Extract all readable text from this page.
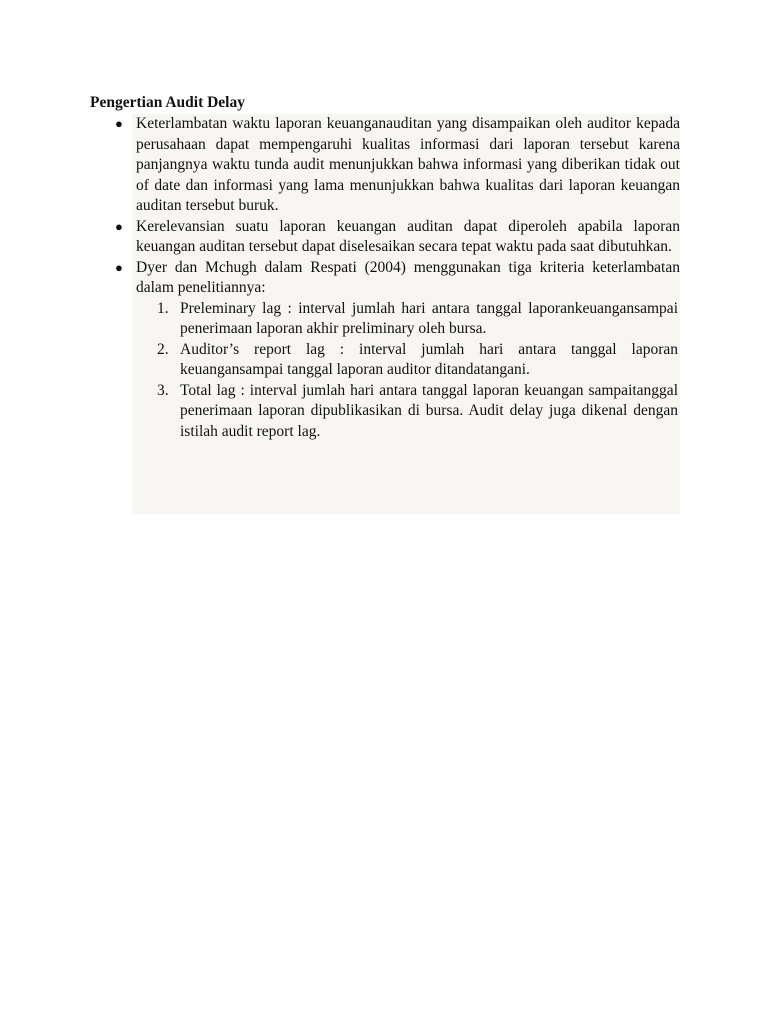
Pengertian Audit Delay

● Keterlambatan waktu laporan keuanganauditan yang disampaikan oleh auditor kepada perusahaan dapat mempengaruhi kualitas informasi dari laporan tersebut karena panjangnya waktu tunda audit menunjukkan bahwa informasi yang diberikan tidak out of date dan informasi yang lama menunjukkan bahwa kualitas dari laporan keuangan auditan tersebut buruk.
● Kerelevansian suatu laporan keuangan auditan dapat diperoleh apabila laporan keuangan auditan tersebut dapat diselesaikan secara tepat waktu pada saat dibutuhkan.
● Dyer dan Mchugh dalam Respati (2004) menggunakan tiga kriteria keterlambatan dalam penelitiannya:
1. Preleminary lag : interval jumlah hari antara tanggal laporankeuangansampai penerimaan laporan akhir preliminary oleh bursa.
2. Auditor’s report lag : interval jumlah hari antara tanggal laporan keuangansampai tanggal laporan auditor ditandatangani.
3. Total lag : interval jumlah hari antara tanggal laporan keuangan sampaitanggal penerimaan laporan dipublikasikan di bursa. Audit delay juga dikenal dengan istilah audit report lag.
